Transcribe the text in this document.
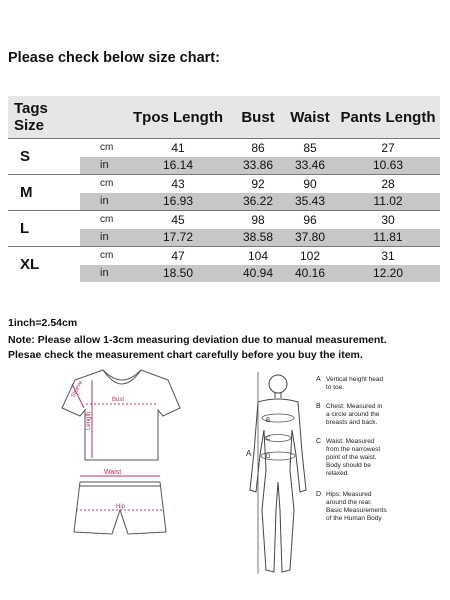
Please check below size chart:
Tags
Size		Tpos Length	Bust	Waist	Pants Length
S	cm	41	86	85	27
	in	16.14	33.86	33.46	10.63
M	cm	43	92	90	28
	in	16.93	36.22	35.43	11.02
L	cm	45	98	96	30
	in	17.72	38.58	37.80	11.81
XL	cm	47	104	102	31
	in	18.50	40.94	40.16	12.20
1inch=2.54cm
Note: Please allow 1-3cm measuring deviation due to manual measurement.
Plesae check the measurement chart carefully before you buy the item.
Sleeve
Bust
Length
Waist
Hip
A
B
C
D
A Vertical height head
to toe.
B Chest: Measured in
a circle around the
breasts and back.
C Waist: Measured
from the narrowest
point of the waist.
Body should be
relaxed.
D Hips: Measured
around the rear.
Basic Measurements
of the Human Body
